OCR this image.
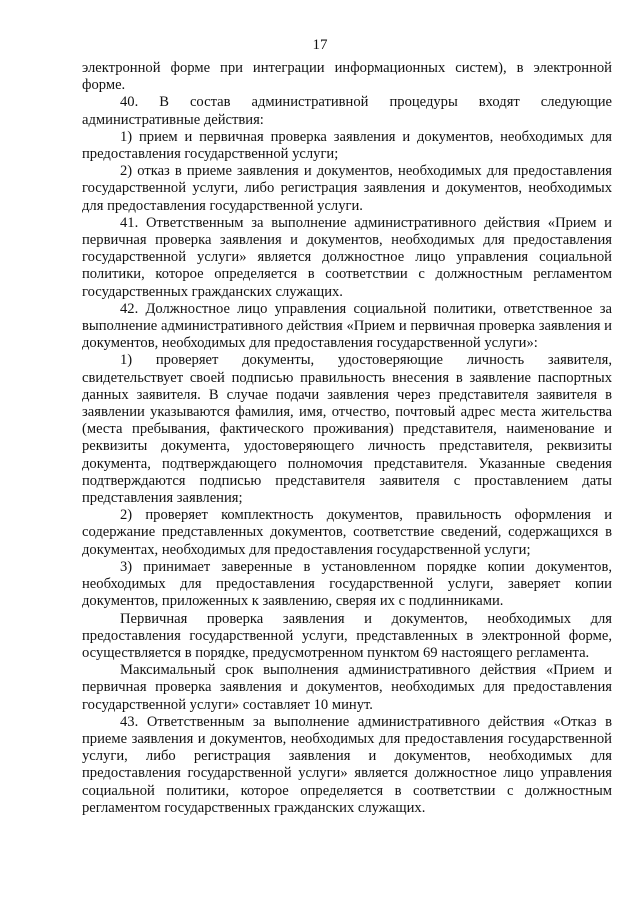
17

электронной форме при интеграции информационных систем), в электронной форме.

40. В состав административной процедуры входят следующие административные действия:

1) прием и первичная проверка заявления и документов, необходимых для предоставления государственной услуги;

2) отказ в приеме заявления и документов, необходимых для предоставления государственной услуги, либо регистрация заявления и документов, необходимых для предоставления государственной услуги.

41. Ответственным за выполнение административного действия «Прием и первичная проверка заявления и документов, необходимых для предоставления государственной услуги» является должностное лицо управления социальной политики, которое определяется в соответствии с должностным регламентом государственных гражданских служащих.

42. Должностное лицо управления социальной политики, ответственное за выполнение административного действия «Прием и первичная проверка заявления и документов, необходимых для предоставления государственной услуги»:

1) проверяет документы, удостоверяющие личность заявителя, свидетельствует своей подписью правильность внесения в заявление паспортных данных заявителя. В случае подачи заявления через представителя заявителя в заявлении указываются фамилия, имя, отчество, почтовый адрес места жительства (места пребывания, фактического проживания) представителя, наименование и реквизиты документа, удостоверяющего личность представителя, реквизиты документа, подтверждающего полномочия представителя. Указанные сведения подтверждаются подписью представителя заявителя с проставлением даты представления заявления;

2) проверяет комплектность документов, правильность оформления и содержание представленных документов, соответствие сведений, содержащихся в документах, необходимых для предоставления государственной услуги;

3) принимает заверенные в установленном порядке копии документов, необходимых для предоставления государственной услуги, заверяет копии документов, приложенных к заявлению, сверяя их с подлинниками.

Первичная проверка заявления и документов, необходимых для предоставления государственной услуги, представленных в электронной форме, осуществляется в порядке, предусмотренном пунктом 69 настоящего регламента.

Максимальный срок выполнения административного действия «Прием и первичная проверка заявления и документов, необходимых для предоставления государственной услуги» составляет 10 минут.

43. Ответственным за выполнение административного действия «Отказ в приеме заявления и документов, необходимых для предоставления государственной услуги, либо регистрация заявления и документов, необходимых для предоставления государственной услуги» является должностное лицо управления социальной политики, которое определяется в соответствии с должностным регламентом государственных гражданских служащих.
